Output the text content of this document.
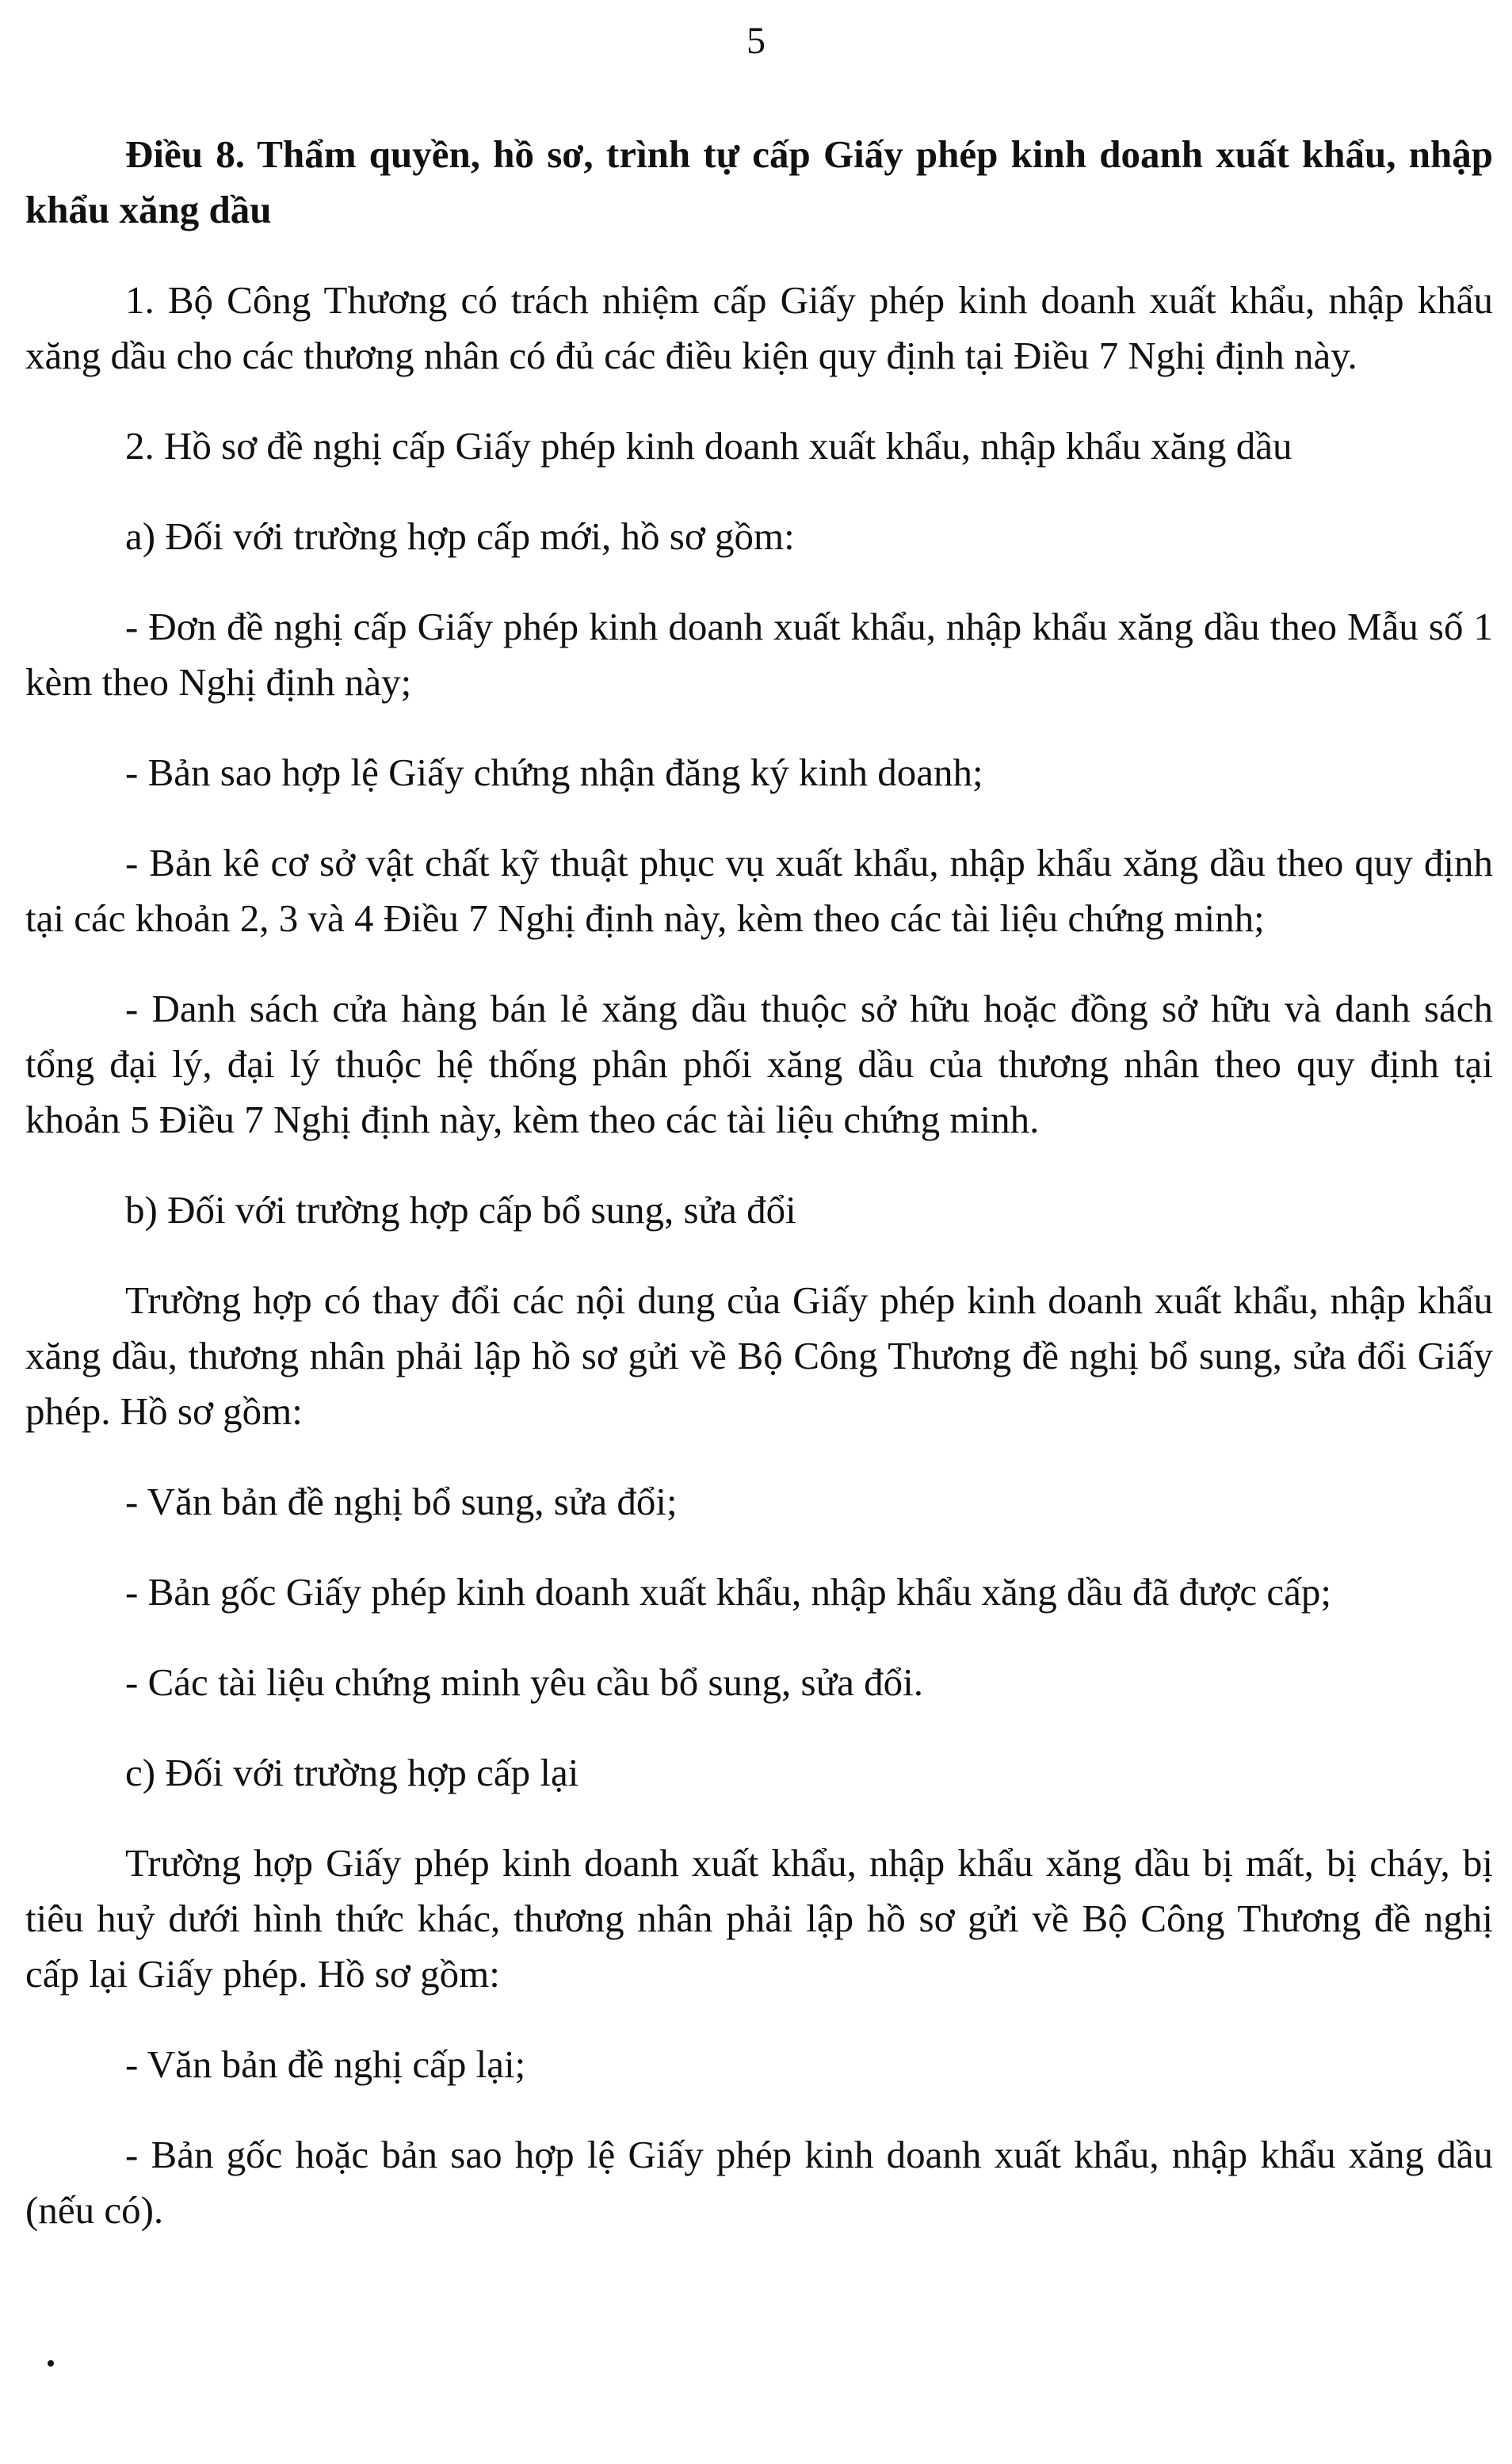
5

Điều 8. Thẩm quyền, hồ sơ, trình tự cấp Giấy phép kinh doanh xuất khẩu, nhập khẩu xăng dầu

1. Bộ Công Thương có trách nhiệm cấp Giấy phép kinh doanh xuất khẩu, nhập khẩu xăng dầu cho các thương nhân có đủ các điều kiện quy định tại Điều 7 Nghị định này.

2. Hồ sơ đề nghị cấp Giấy phép kinh doanh xuất khẩu, nhập khẩu xăng dầu

a) Đối với trường hợp cấp mới, hồ sơ gồm:

- Đơn đề nghị cấp Giấy phép kinh doanh xuất khẩu, nhập khẩu xăng dầu theo Mẫu số 1 kèm theo Nghị định này;

- Bản sao hợp lệ Giấy chứng nhận đăng ký kinh doanh;

- Bản kê cơ sở vật chất kỹ thuật phục vụ xuất khẩu, nhập khẩu xăng dầu theo quy định tại các khoản 2, 3 và 4 Điều 7 Nghị định này, kèm theo các tài liệu chứng minh;

- Danh sách cửa hàng bán lẻ xăng dầu thuộc sở hữu hoặc đồng sở hữu và danh sách tổng đại lý, đại lý thuộc hệ thống phân phối xăng dầu của thương nhân theo quy định tại khoản 5 Điều 7 Nghị định này, kèm theo các tài liệu chứng minh.

b) Đối với trường hợp cấp bổ sung, sửa đổi

Trường hợp có thay đổi các nội dung của Giấy phép kinh doanh xuất khẩu, nhập khẩu xăng dầu, thương nhân phải lập hồ sơ gửi về Bộ Công Thương đề nghị bổ sung, sửa đổi Giấy phép. Hồ sơ gồm:

- Văn bản đề nghị bổ sung, sửa đổi;

- Bản gốc Giấy phép kinh doanh xuất khẩu, nhập khẩu xăng dầu đã được cấp;

- Các tài liệu chứng minh yêu cầu bổ sung, sửa đổi.

c) Đối với trường hợp cấp lại

Trường hợp Giấy phép kinh doanh xuất khẩu, nhập khẩu xăng dầu bị mất, bị cháy, bị tiêu huỷ dưới hình thức khác, thương nhân phải lập hồ sơ gửi về Bộ Công Thương đề nghị cấp lại Giấy phép. Hồ sơ gồm:

- Văn bản đề nghị cấp lại;

- Bản gốc hoặc bản sao hợp lệ Giấy phép kinh doanh xuất khẩu, nhập khẩu xăng dầu (nếu có).
